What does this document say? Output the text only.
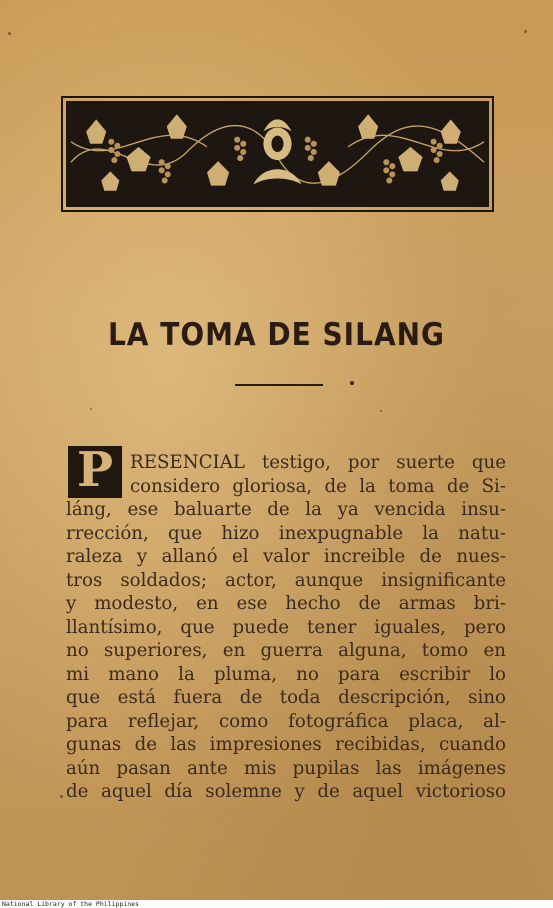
LA TOMA DE SILANG
P RESENCIAL testigo, por suerte que
considero gloriosa, de la toma de Si-
láng, ese baluarte de la ya vencida insu-
rrección, que hizo inexpugnable la natu-
raleza y allanó el valor increible de nues-
tros soldados; actor, aunque insignificante
y modesto, en ese hecho de armas bri-
llantísimo, que puede tener iguales, pero
no superiores, en guerra alguna, tomo en
mi mano la pluma, no para escribir lo
que está fuera de toda descripción, sino
para reflejar, como fotográfica placa, al-
gunas de las impresiones recibidas, cuando
aún pasan ante mis pupilas las imágenes
de aquel día solemne y de aquel victorioso
National Library of the Philippines
